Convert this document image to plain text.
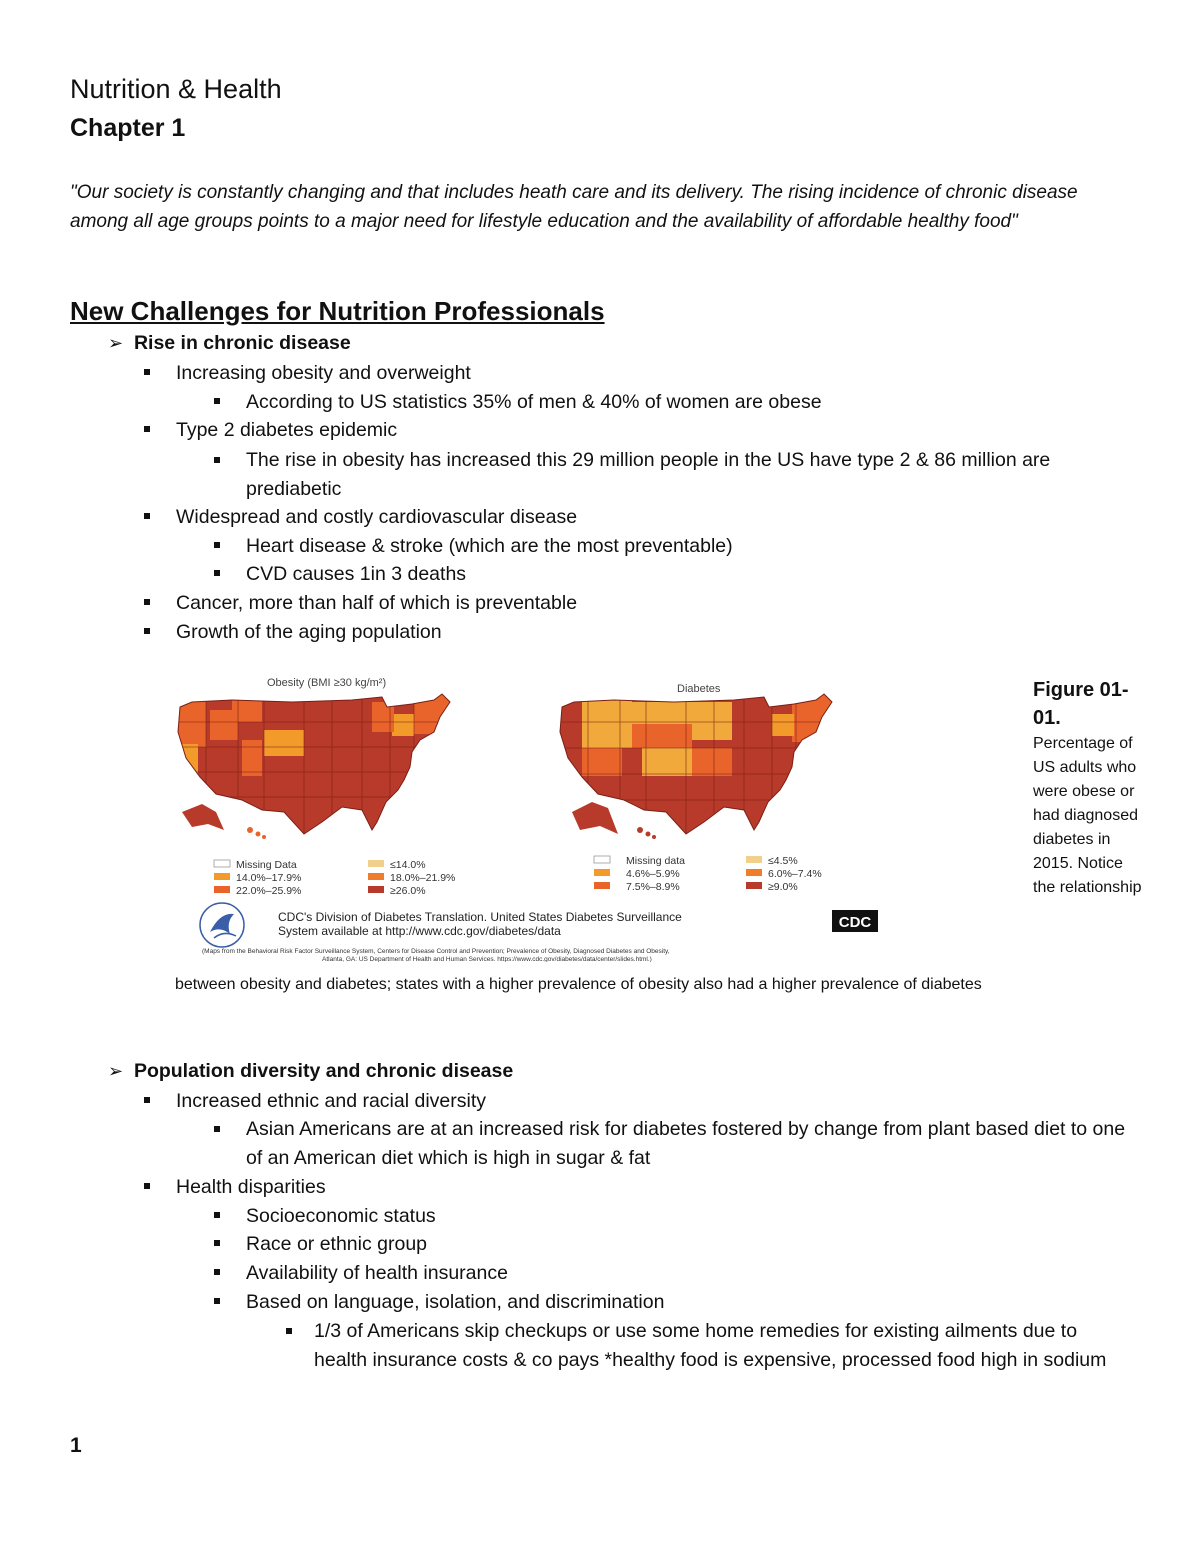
Nutrition & Health
Chapter 1
"Our society is constantly changing and that includes heath care and its delivery. The rising incidence of chronic disease among all age groups points to a major need for lifestyle education and the availability of affordable healthy food"
New Challenges for Nutrition Professionals
➢ Rise in chronic disease
Increasing obesity and overweight
According to US statistics 35% of men & 40% of women are obese
Type 2 diabetes epidemic
The rise in obesity has increased this 29 million people in the US have type 2 & 86 million are prediabetic
Widespread and costly cardiovascular disease
Heart disease & stroke (which are the most preventable)
CVD causes 1in 3 deaths
Cancer, more than half of which is preventable
Growth of the aging population
Obesity (BMI ≥30 kg/m²)	Diabetes
Missing Data	≤14.0%
14.0%–17.9%	18.0%–21.9%
22.0%–25.9%	≥26.0%
Missing data	≤4.5%
4.6%–5.9%	6.0%–7.4%
7.5%–8.9%	≥9.0%
CDC's Division of Diabetes Translation. United States Diabetes Surveillance
System available at http://www.cdc.gov/diabetes/data
(Maps from the Behavioral Risk Factor Surveillance System, Centers for Disease Control and Prevention; Prevalence of Obesity, Diagnosed Diabetes and Obesity,
Atlanta, GA: US Department of Health and Human Services. https://www.cdc.gov/diabetes/data/center/slides.html.)
CDC
Figure 01-01.
Percentage of US adults who were obese or had diagnosed diabetes in 2015. Notice the relationship
between obesity and diabetes; states with a higher prevalence of obesity also had a higher prevalence of diabetes
➢ Population diversity and chronic disease
Increased ethnic and racial diversity
Asian Americans are at an increased risk for diabetes fostered by change from plant based diet to one of an American diet which is high in sugar & fat
Health disparities
Socioeconomic status
Race or ethnic group
Availability of health insurance
Based on language, isolation, and discrimination
1/3 of Americans skip checkups or use some home remedies for existing ailments due to health insurance costs & co pays *healthy food is expensive, processed food high in sodium
1
